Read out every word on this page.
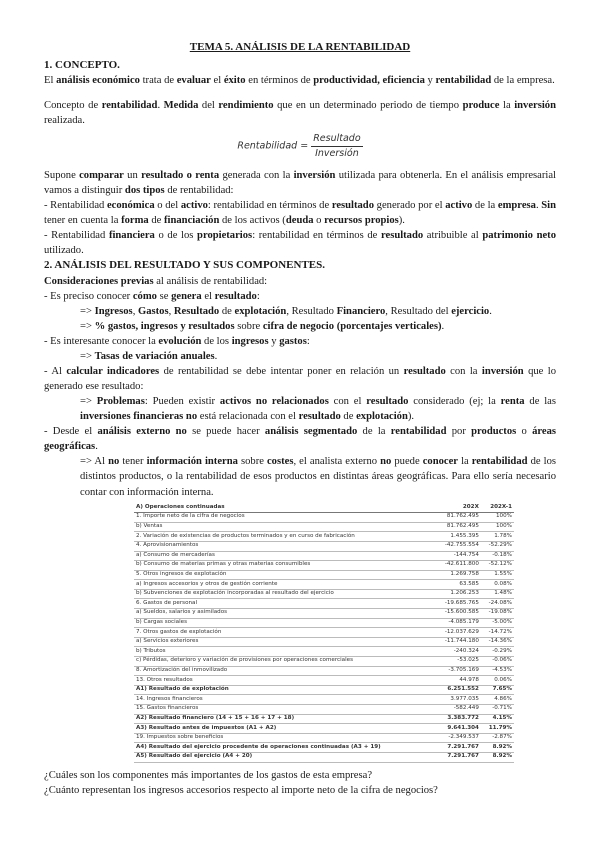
TEMA 5. ANÁLISIS DE LA RENTABILIDAD
1. CONCEPTO.

El análisis económico trata de evaluar el éxito en términos de productividad, eficiencia y rentabilidad de la empresa.

Concepto de rentabilidad. Medida del rendimiento que en un determinado periodo de tiempo produce la inversión realizada.

Rentabilidad = $\frac{\text{Resultado}}{\text{Inversión}}$

Supone comparar un resultado o renta generada con la inversión utilizada para obtenerla. En el análisis empresarial vamos a distinguir dos tipos de rentabilidad:

- Rentabilidad económica o del activo: rentabilidad en términos de resultado generado por el activo de la empresa. Sin tener en cuenta la forma de financiación de los activos (deuda o recursos propios).

- Rentabilidad financiera o de los propietarios: rentabilidad en términos de resultado atribuible al patrimonio neto utilizado.

2. ANÁLISIS DEL RESULTADO Y SUS COMPONENTES.

Consideraciones previas al análisis de rentabilidad:

- Es preciso conocer cómo se genera el resultado:

=> Ingresos, Gastos, Resultado de explotación, Resultado Financiero, Resultado del ejercicio.

=> % gastos, ingresos y resultados sobre cifra de negocio (porcentajes verticales).

- Es interesante conocer la evolución de los ingresos y gastos:

=> Tasas de variación anuales.

- Al calcular indicadores de rentabilidad se debe intentar poner en relación un resultado con la inversión que lo generado ese resultado:

=> Problemas: Pueden existir activos no relacionados con el resultado considerado (ej; la renta de las inversiones financieras no está relacionada con el resultado de explotación).

- Desde el análisis externo no se puede hacer análisis segmentado de la rentabilidad por productos o áreas geográficas.

=> Al no tener información interna sobre costes, el analista externo no puede conocer la rentabilidad de los distintos productos, o la rentabilidad de esos productos en distintas áreas geográficas. Para ello sería necesario contar con información interna.

A) Operaciones continuadas	202X	202X-1
1. Importe neto de la cifra de negocios	81.762.495	100%
b) Ventas	81.762.495	100%
2. Variación de existencias de productos terminados y en curso de fabricación	1.455.395	1.78%
4. Aprovisionamientos	-42.755.554	-52.29%
a) Consumo de mercaderías	-144.754	-0.18%
b) Consumo de materias primas y otras materias consumibles	-42.611.800	-52.12%
5. Otros ingresos de explotación	1.269.758	1.55%
a) Ingresos accesorios y otros de gestión corriente	63.585	0.08%
b) Subvenciones de explotación incorporadas al resultado del ejercicio	1.206.253	1.48%
6. Gastos de personal	-19.685.765	-24.08%
a) Sueldos, salarios y asimilados	-15.600.585	-19.08%
b) Cargas sociales	-4.085.179	-5.00%
7. Otros gastos de explotación	-12.037.629	-14.72%
a) Servicios exteriores	-11.744.180	-14.36%
b) Tributos	-240.324	-0.29%
c) Pérdidas, deterioro y variación de provisiones por operaciones comerciales	-53.025	-0.06%
8. Amortización del inmovilizado	-3.705.169	-4.53%
13. Otros resultados	44.978	0.06%
A1) Resultado de explotación	6.251.552	7.65%
14. Ingresos financieros	3.977.035	4.86%
15. Gastos financieros	-582.449	-0.71%
A2) Resultado financiero (14 + 15 + 16 + 17 + 18)	3.383.772	4.15%
A3) Resultado antes de impuestos (A1 + A2)	9.641.304	11.79%
19. Impuestos sobre beneficios	-2.349.537	-2.87%
A4) Resultado del ejercicio procedente de operaciones continuadas (A3 + 19)	7.291.767	8.92%
A5) Resultado del ejercicio (A4 + 20)	7.291.767	8.92%

¿Cuáles son los componentes más importantes de los gastos de esta empresa?

¿Cuánto representan los ingresos accesorios respecto al importe neto de la cifra de negocios?
